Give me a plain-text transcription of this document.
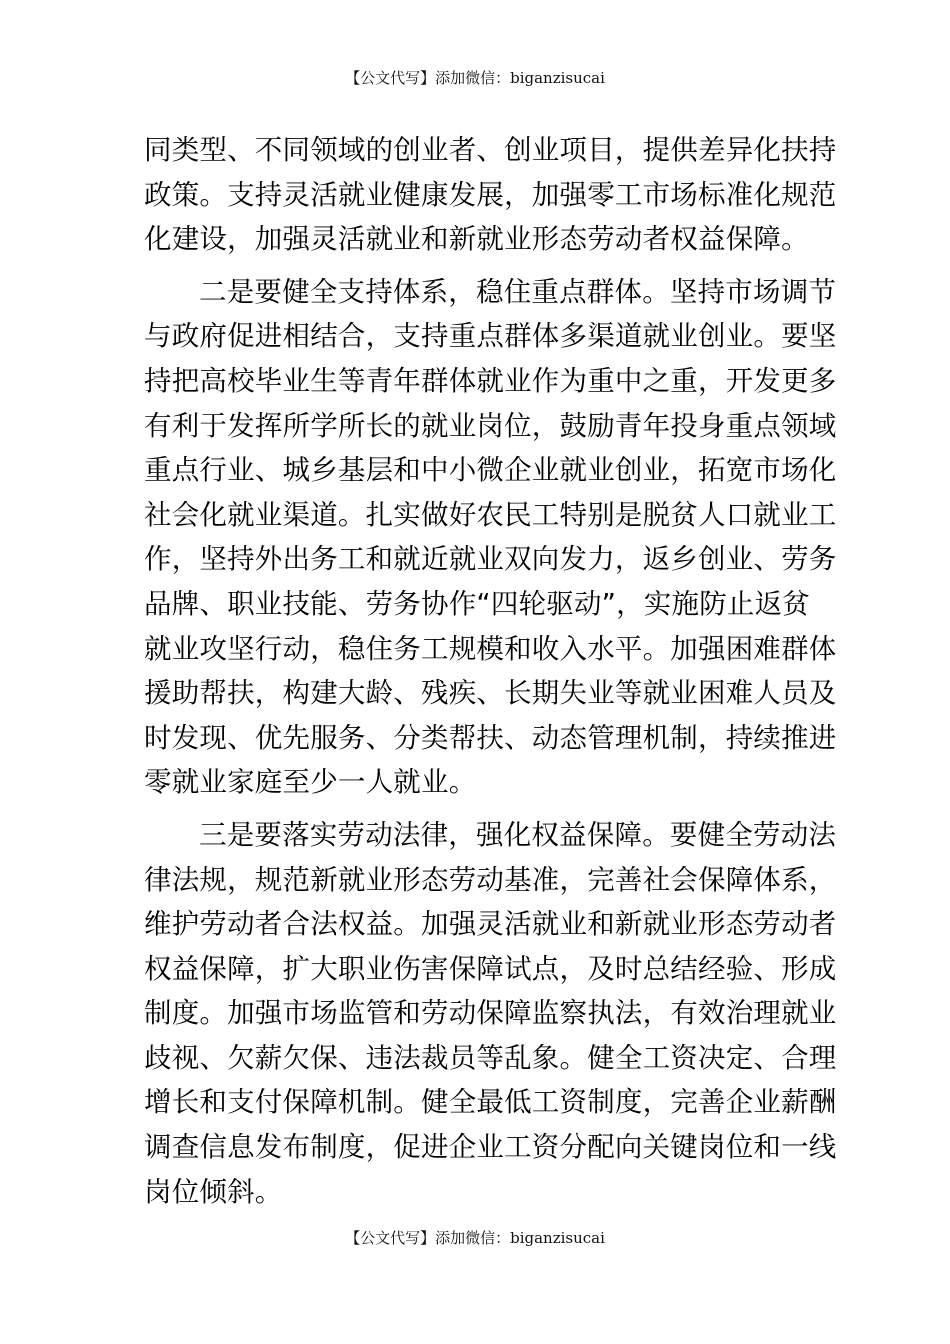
【公文代写】添加微信：biganzisucai
同类型、不同领域的创业者、创业项目，提供差异化扶持
政策。支持灵活就业健康发展，加强零工市场标准化规范
化建设，加强灵活就业和新就业形态劳动者权益保障。
二是要健全支持体系，稳住重点群体。坚持市场调节
与政府促进相结合，支持重点群体多渠道就业创业。要坚
持把高校毕业生等青年群体就业作为重中之重，开发更多
有利于发挥所学所长的就业岗位，鼓励青年投身重点领域
重点行业、城乡基层和中小微企业就业创业，拓宽市场化
社会化就业渠道。扎实做好农民工特别是脱贫人口就业工
作，坚持外出务工和就近就业双向发力，返乡创业、劳务
品牌、职业技能、劳务协作“四轮驱动”，实施防止返贫
就业攻坚行动，稳住务工规模和收入水平。加强困难群体
援助帮扶，构建大龄、残疾、长期失业等就业困难人员及
时发现、优先服务、分类帮扶、动态管理机制，持续推进
零就业家庭至少一人就业。
三是要落实劳动法律，强化权益保障。要健全劳动法
律法规，规范新就业形态劳动基准，完善社会保障体系，
维护劳动者合法权益。加强灵活就业和新就业形态劳动者
权益保障，扩大职业伤害保障试点，及时总结经验、形成
制度。加强市场监管和劳动保障监察执法，有效治理就业
歧视、欠薪欠保、违法裁员等乱象。健全工资决定、合理
增长和支付保障机制。健全最低工资制度，完善企业薪酬
调查信息发布制度，促进企业工资分配向关键岗位和一线
岗位倾斜。
【公文代写】添加微信：biganzisucai
